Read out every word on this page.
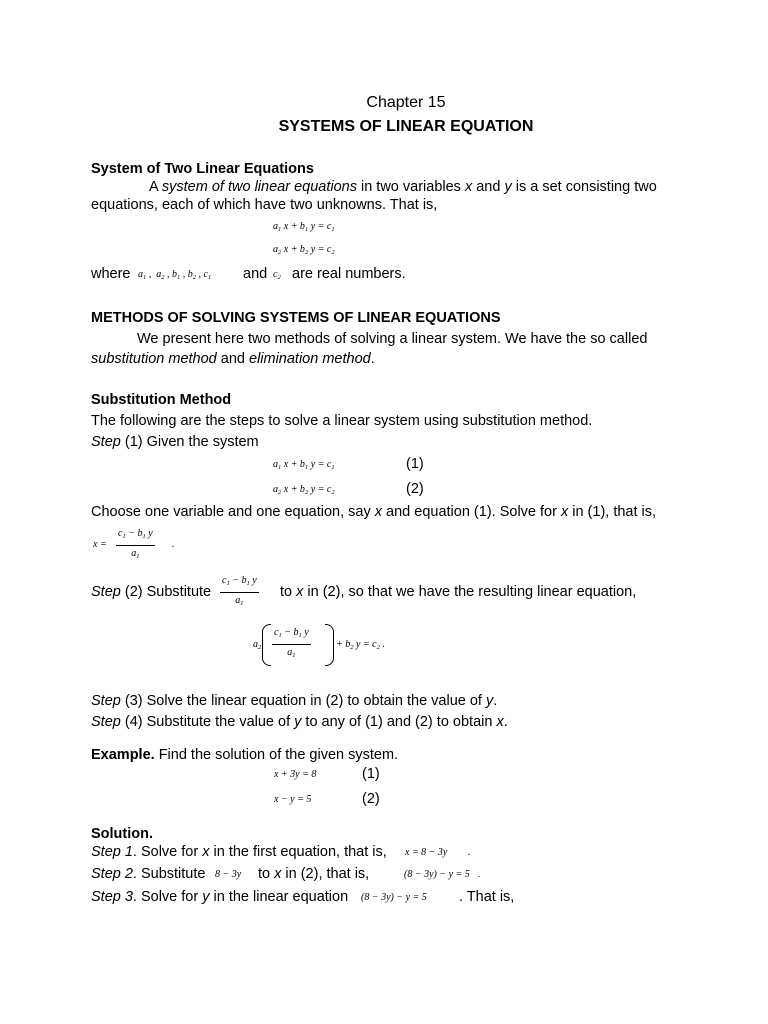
Chapter 15
SYSTEMS OF LINEAR EQUATION
System of Two Linear Equations
A system of two linear equations in two variables x and y is a set consisting two
equations, each of which have two unknowns. That is,
$a_1$ $x + b_1$ $y = c_1$
$a_2$ $x + b_2$ $y = c_2$
where $a_1$ ,  $a_2$ , $b_1$ , $b_2$ , $c_1$ and $c_2$ are real numbers.
METHODS OF SOLVING SYSTEMS OF LINEAR EQUATIONS
We present here two methods of solving a linear system. We have the so called
substitution method and elimination method.
Substitution Method
The following are the steps to solve a linear system using substitution method.
Step (1) Given the system
$a_1$ $x + b_1$ $y = c_1$	(1)
$a_2$ $x + b_2$ $y = c_2$	(2)
Choose one variable and one equation, say x and equation (1). Solve for x in (1), that is,
x =
$c_1 - b_1$ y
$a_1$
.
Step (2) Substitute
$c_1 - b_1$ y
$a_1$
to x in (2), so that we have the resulting linear equation,
$a_2$
$c_1 - b_1$ y
$a_1$
+ $b_2$ $y = c_2$ .
Step (3) Solve the linear equation in (2) to obtain the value of y.
Step (4) Substitute the value of y to any of (1) and (2) to obtain x.
Example. Find the solution of the given system.
x + 3y = 8	(1)
x − y = 5	(2)
Solution.
Step 1. Solve for x in the first equation, that is, x = 8 − 3y .
Step 2. Substitute 8 − 3y to x in (2), that is,	(8 − 3y) − y = 5 .
Step 3. Solve for y in the linear equation (8 − 3y) − y = 5 . That is,
